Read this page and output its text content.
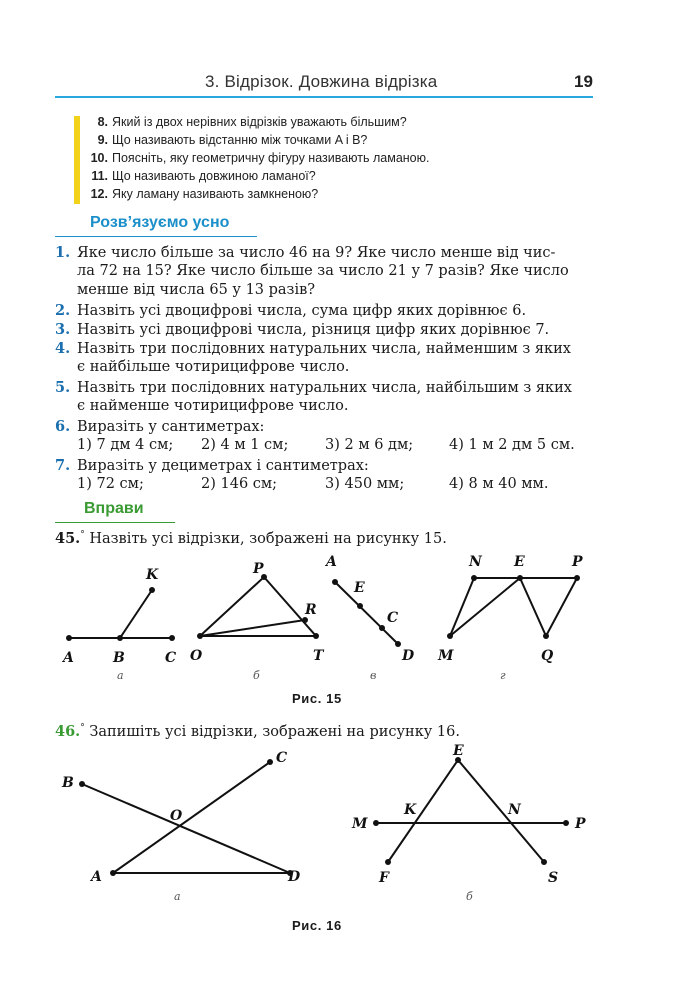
3. Відрізок. Довжина відрізка	19
8. Який із двох нерівних відрізків уважають більшим?
9. Що називають відстанню між точками A і B?
10. Поясніть, яку геометричну фігуру називають ламаною.
11. Що називають довжиною ламаної?
12. Яку ламану називають замкненою?
Розв’язуємо усно
1. Яке число більше за число 46 на 9? Яке число менше від чис-
ла 72 на 15? Яке число більше за число 21 у 7 разів? Яке число
менше від числа 65 у 13 разів?
2. Назвіть усі двоцифрові числа, сума цифр яких дорівнює 6.
3. Назвіть усі двоцифрові числа, різниця цифр яких дорівнює 7.
4. Назвіть три послідовних натуральних числа, найменшим з яких
є найбільше чотирицифрове число.
5. Назвіть три послідовних натуральних числа, найбільшим з яких
є найменше чотирицифрове число.
6. Виразіть у сантиметрах:
1) 7 дм 4 см; 2) 4 м 1 см;	3) 2 м 6 дм; 4) 1 м 2 дм 5 см.
7. Виразіть у дециметрах і сантиметрах:
1) 72 см;	2) 146 см;	3) 450 мм;	4) 8 м 40 мм.
Вправи
45.° Назвіть усі відрізки, зображені на рисунку 15.
K
A	B	C
а
P
R
O	T
б
A
E
C
D
в
N E	P
M	Q
г
Рис. 15
46.° Запишіть усі відрізки, зображені на рисунку 16.
B
C
O
A	D
а
E
K	N
M	P
F	S
б
Рис. 16
